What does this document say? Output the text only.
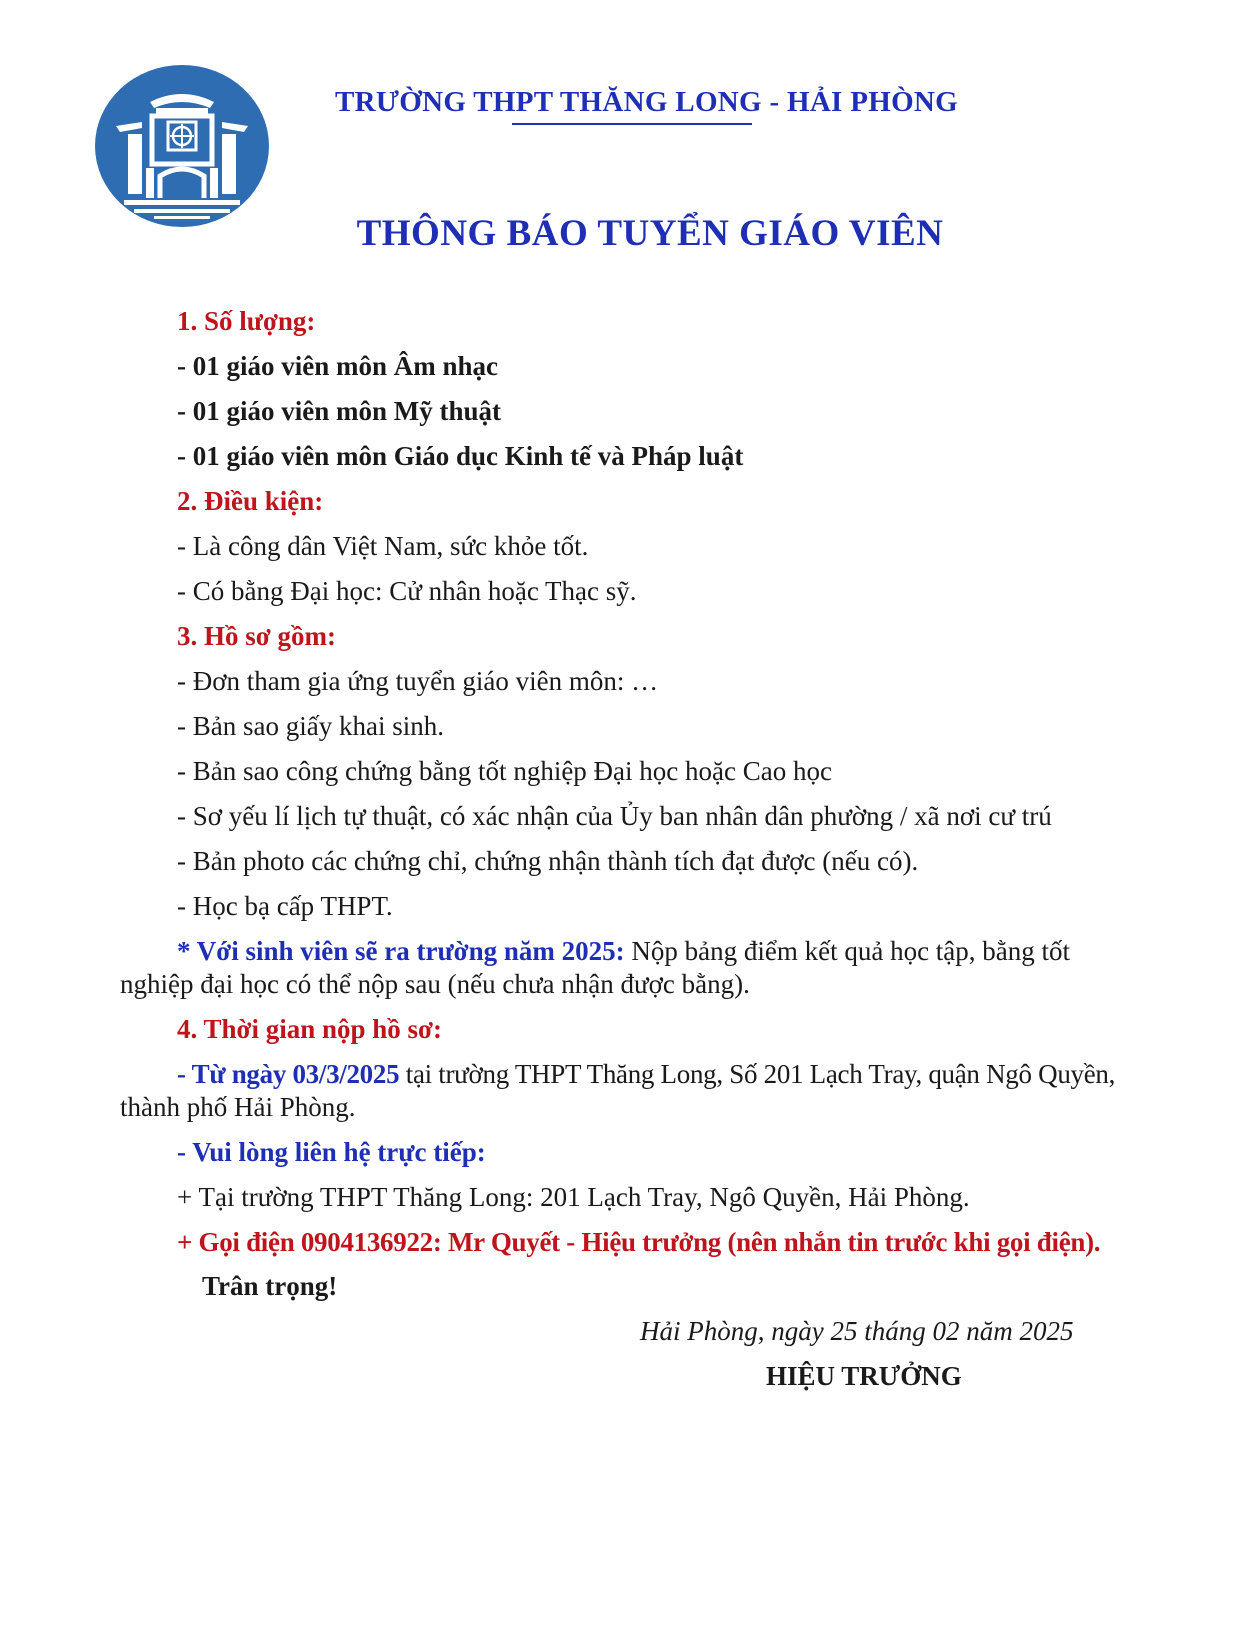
TRƯỜNG THPT THĂNG LONG - HẢI PHÒNG
THÔNG BÁO TUYỂN GIÁO VIÊN
1. Số lượng:
- 01 giáo viên môn Âm nhạc
- 01 giáo viên môn Mỹ thuật
- 01 giáo viên môn Giáo dục Kinh tế và Pháp luật
2. Điều kiện:
- Là công dân Việt Nam, sức khỏe tốt.
- Có bằng Đại học: Cử nhân hoặc Thạc sỹ.
3. Hồ sơ gồm:
- Đơn tham gia ứng tuyển giáo viên môn: …
- Bản sao giấy khai sinh.
- Bản sao công chứng bằng tốt nghiệp Đại học hoặc Cao học
- Sơ yếu lí lịch tự thuật, có xác nhận của Ủy ban nhân dân phường / xã nơi cư trú
- Bản photo các chứng chỉ, chứng nhận thành tích đạt được (nếu có).
- Học bạ cấp THPT.
* Với sinh viên sẽ ra trường năm 2025: Nộp bảng điểm kết quả học tập, bằng tốt
nghiệp đại học có thể nộp sau (nếu chưa nhận được bằng).
4. Thời gian nộp hồ sơ:
- Từ ngày 03/3/2025 tại trường THPT Thăng Long, Số 201 Lạch Tray, quận Ngô Quyền,
thành phố Hải Phòng.
- Vui lòng liên hệ trực tiếp:
+ Tại trường THPT Thăng Long: 201 Lạch Tray, Ngô Quyền, Hải Phòng.
+ Gọi điện 0904136922: Mr Quyết - Hiệu trưởng (nên nhắn tin trước khi gọi điện).
Trân trọng!
Hải Phòng, ngày 25 tháng 02 năm 2025
HIỆU TRƯỞNG
